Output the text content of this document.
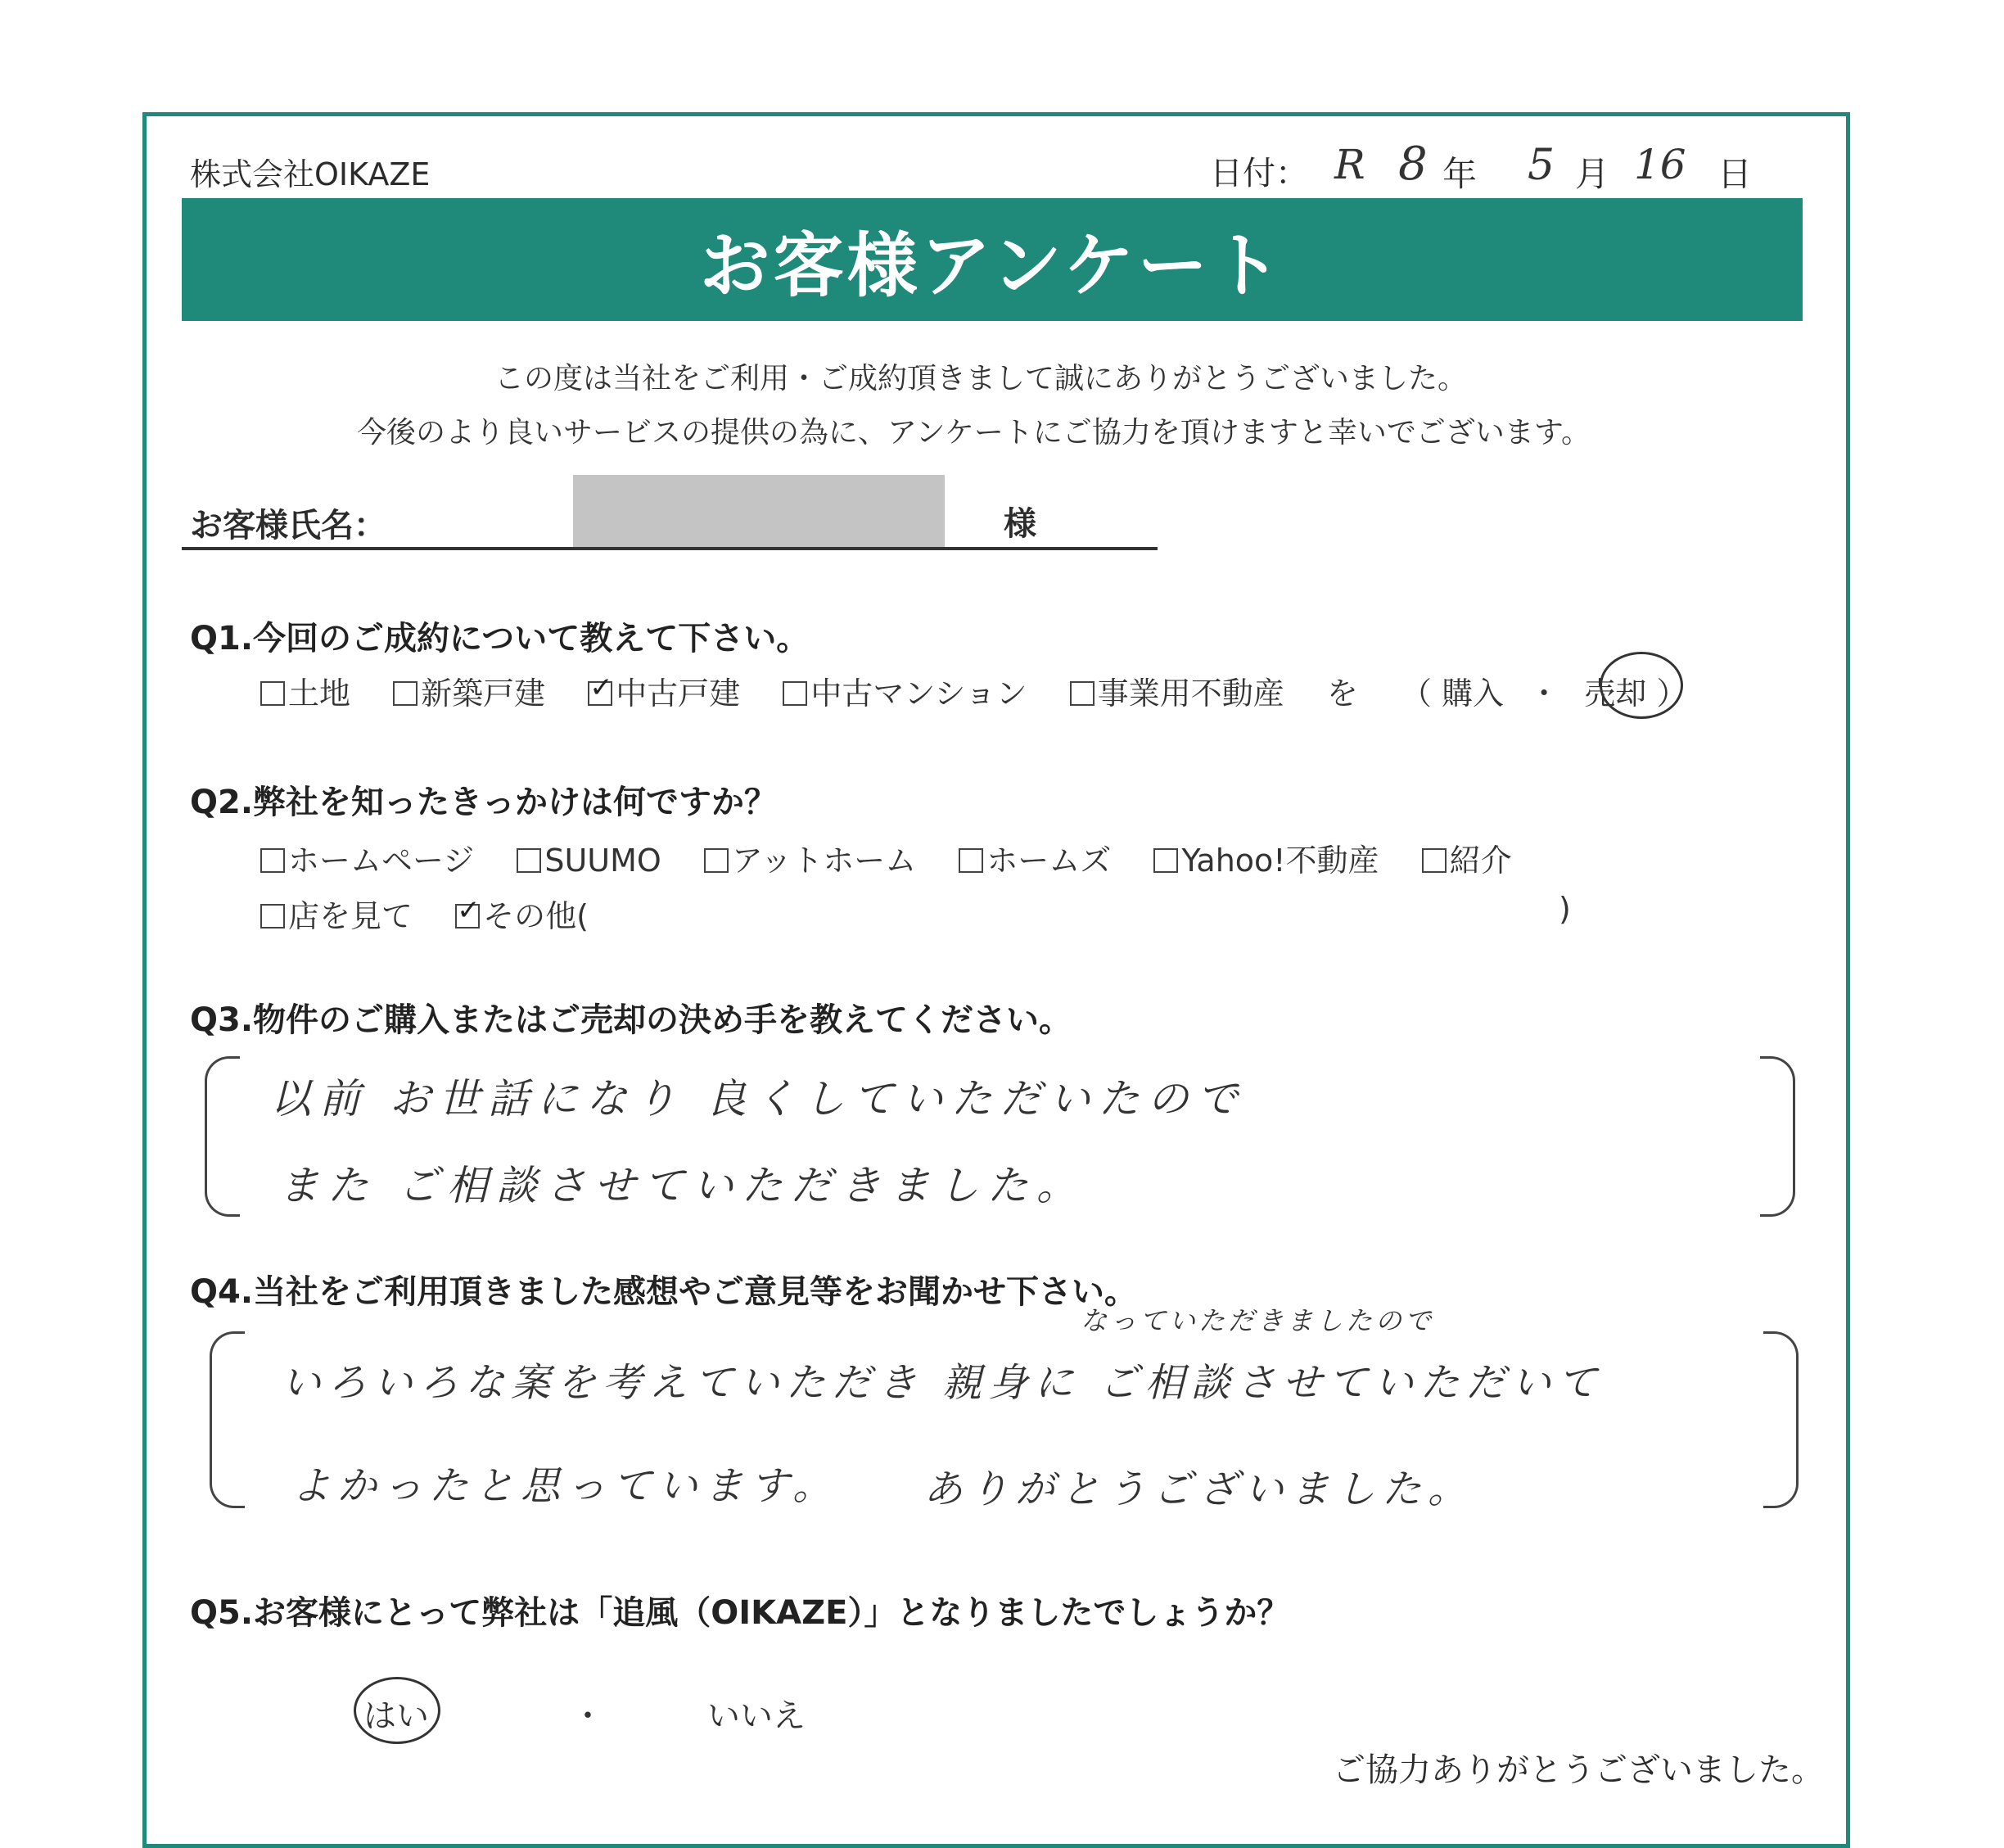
株式会社OIKAZE	日付： R 8 年 5 月 16 日
お客様アンケート
この度は当社をご利用・ご成約頂きまして誠にありがとうございました。
今後のより良いサービスの提供の為に、アンケートにご協力を頂けますと幸いでございます。
お客様氏名：	様
Q1.今回のご成約について教えて下さい。
土地 新築戸建 ✓ 中古戸建 中古マンション 事業用不動産 を （ 購入 ・ 売却 ）
Q2.弊社を知ったきっかけは何ですか？
ホームページ SUUMO アットホーム ホームズ Yahoo!不動産 紹介
店を見て ✓ その他(	)
Q3.物件のご購入またはご売却の決め手を教えてください。
以前 お世話になり 良くしていただいたので
また ご相談させていただきました。
Q4.当社をご利用頂きました感想やご意見等をお聞かせ下さい。
なっていただきましたので
いろいろな案を考えていただき 親身に ご相談させていただいて
よかったと思っています。 ありがとうございました。
Q5.お客様にとって弊社は「追風（OIKAZE）」となりましたでしょうか？
はい	・	いいえ
ご協力ありがとうございました。
